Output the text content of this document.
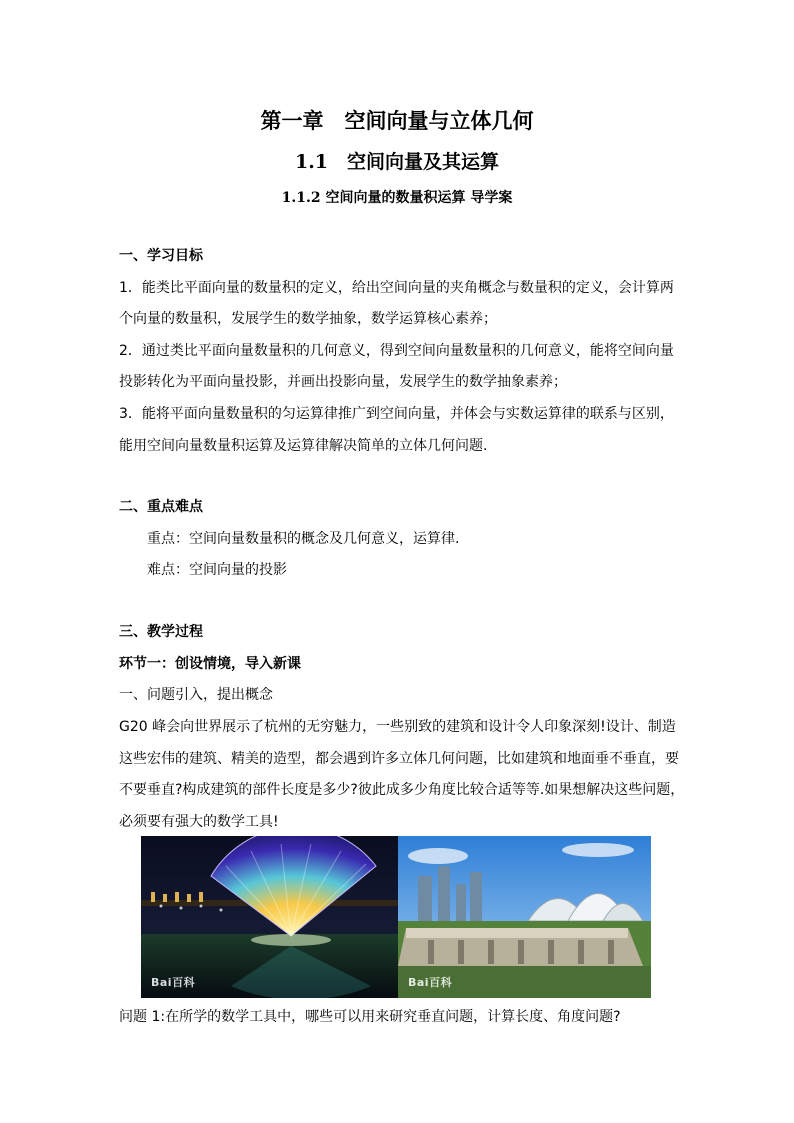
第一章　空间向量与立体几何
1.1　空间向量及其运算
1.1.2 空间向量的数量积运算 导学案
一、学习目标
1．能类比平面向量的数量积的定义，给出空间向量的夹角概念与数量积的定义，会计算两
个向量的数量积，发展学生的数学抽象，数学运算核心素养；
2．通过类比平面向量数量积的几何意义，得到空间向量数量积的几何意义，能将空间向量
投影转化为平面向量投影，并画出投影向量，发展学生的数学抽象素养；
3．能将平面向量数量积的匀运算律推广到空间向量，并体会与实数运算律的联系与区别，
能用空间向量数量积运算及运算律解决简单的立体几何问题.
二、重点难点
重点：空间向量数量积的概念及几何意义，运算律.
难点：空间向量的投影
三、教学过程
环节一：创设情境，导入新课
一、问题引入，提出概念
G20 峰会向世界展示了杭州的无穷魅力，一些别致的建筑和设计令人印象深刻!设计、制造
这些宏伟的建筑、精美的造型，都会遇到许多立体几何问题，比如建筑和地面垂不垂直，要
不要垂直?构成建筑的部件长度是多少?彼此成多少角度比较合适等等.如果想解决这些问题，
必须要有强大的数学工具!
Bai百科	Bai百科
问题 1:在所学的数学工具中，哪些可以用来研究垂直问题，计算长度、角度问题?
